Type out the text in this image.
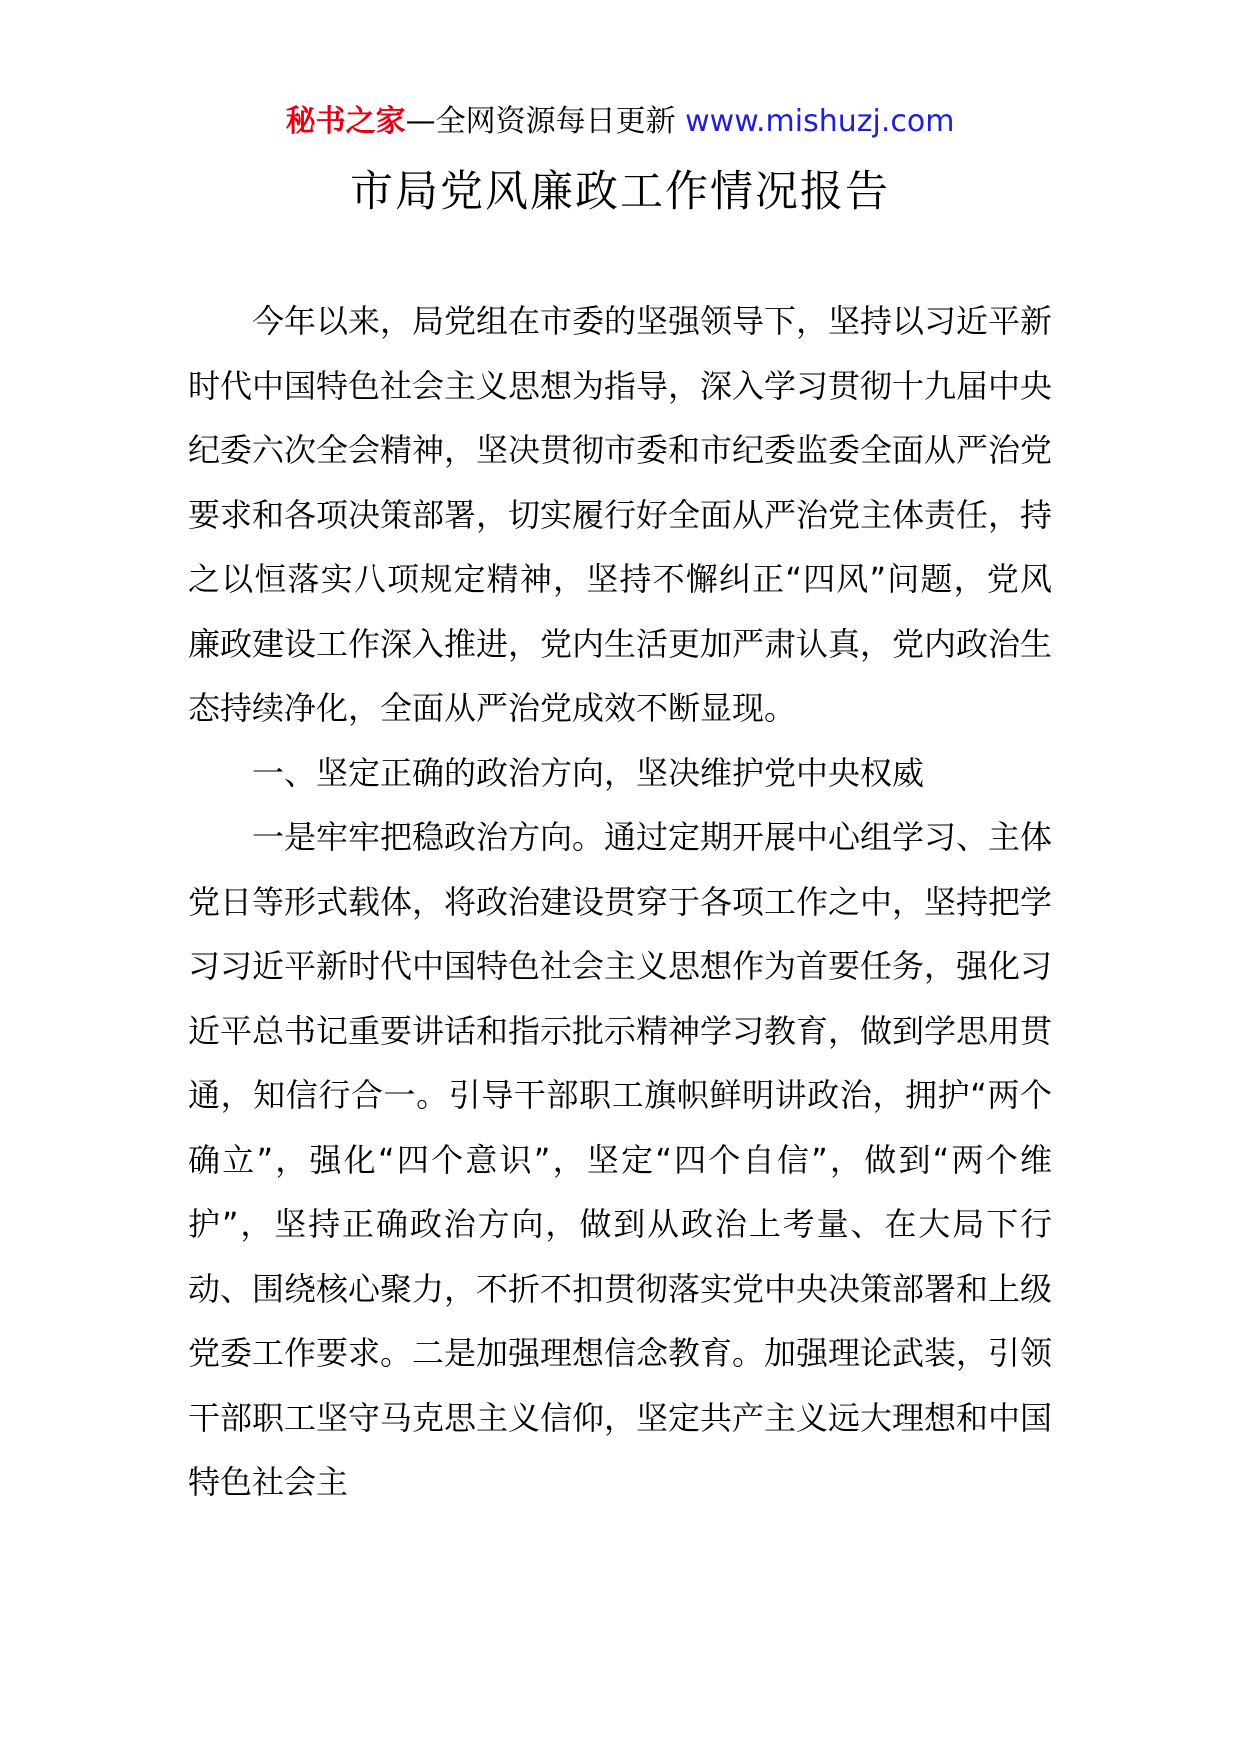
秘书之家—全网资源每日更新 www.mishuzj.com
市局党风廉政工作情况报告

今年以来，局党组在市委的坚强领导下，坚持以习近平新时代中国特色社会主义思想为指导，深入学习贯彻十九届中央纪委六次全会精神，坚决贯彻市委和市纪委监委全面从严治党要求和各项决策部署，切实履行好全面从严治党主体责任，持之以恒落实八项规定精神，坚持不懈纠正“四风”问题，党风廉政建设工作深入推进，党内生活更加严肃认真，党内政治生态持续净化，全面从严治党成效不断显现。

一、坚定正确的政治方向，坚决维护党中央权威

一是牢牢把稳政治方向。通过定期开展中心组学习、主体党日等形式载体，将政治建设贯穿于各项工作之中，坚持把学习习近平新时代中国特色社会主义思想作为首要任务，强化习近平总书记重要讲话和指示批示精神学习教育，做到学思用贯通，知信行合一。引导干部职工旗帜鲜明讲政治，拥护“两个确立”，强化“四个意识”，坚定“四个自信”，做到“两个维护”，坚持正确政治方向，做到从政治上考量、在大局下行动、围绕核心聚力，不折不扣贯彻落实党中央决策部署和上级党委工作要求。二是加强理想信念教育。加强理论武装，引领干部职工坚守马克思主义信仰，坚定共产主义远大理想和中国特色社会主
